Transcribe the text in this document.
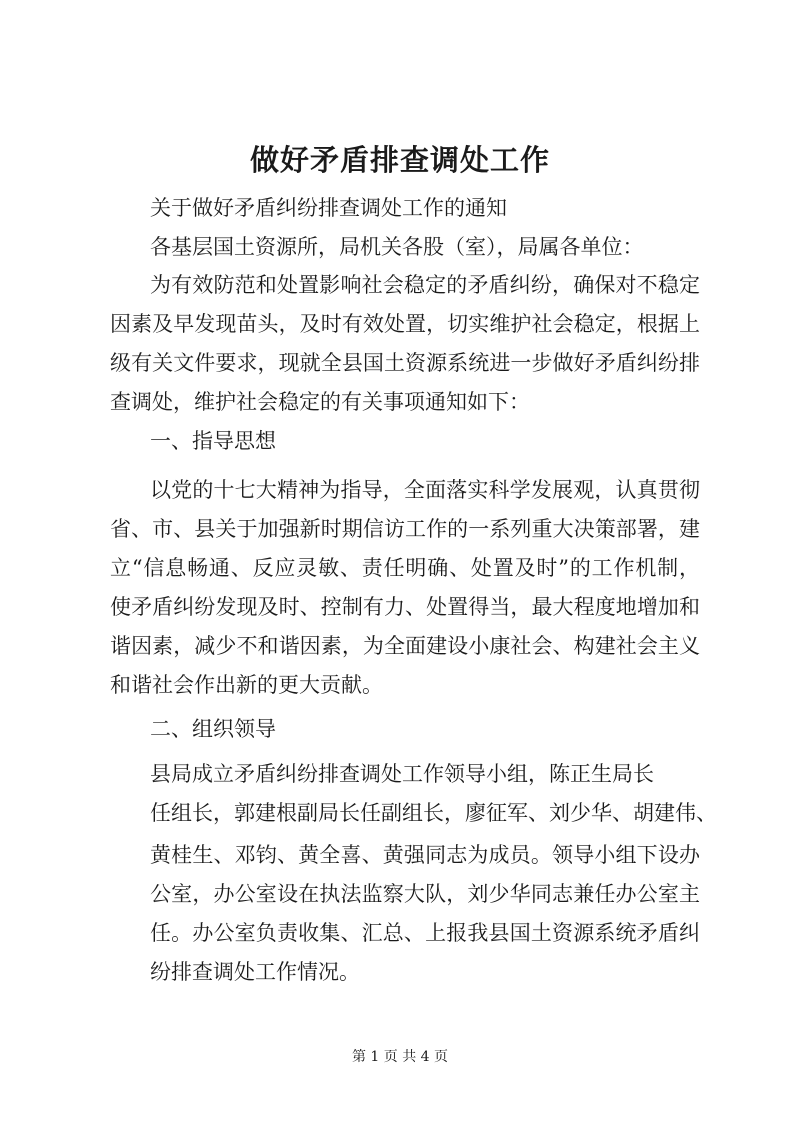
做好矛盾排查调处工作
关于做好矛盾纠纷排查调处工作的通知
各基层国土资源所，局机关各股（室），局属各单位：
为有效防范和处置影响社会稳定的矛盾纠纷，确保对不稳定
因素及早发现苗头，及时有效处置，切实维护社会稳定，根据上
级有关文件要求，现就全县国土资源系统进一步做好矛盾纠纷排
查调处，维护社会稳定的有关事项通知如下：
一、指导思想
以党的十七大精神为指导，全面落实科学发展观，认真贯彻
省、市、县关于加强新时期信访工作的一系列重大决策部署，建
立“信息畅通、反应灵敏、责任明确、处置及时”的工作机制，
使矛盾纠纷发现及时、控制有力、处置得当，最大程度地增加和
谐因素，减少不和谐因素，为全面建设小康社会、构建社会主义
和谐社会作出新的更大贡献。
二、组织领导
县局成立矛盾纠纷排查调处工作领导小组，陈正生局长
任组长，郭建根副局长任副组长，廖征军、刘少华、胡建伟、
黄桂生、邓钧、黄全喜、黄强同志为成员。领导小组下设办
公室，办公室设在执法监察大队，刘少华同志兼任办公室主
任。办公室负责收集、汇总、上报我县国土资源系统矛盾纠
纷排查调处工作情况。
第 1 页 共 4 页
